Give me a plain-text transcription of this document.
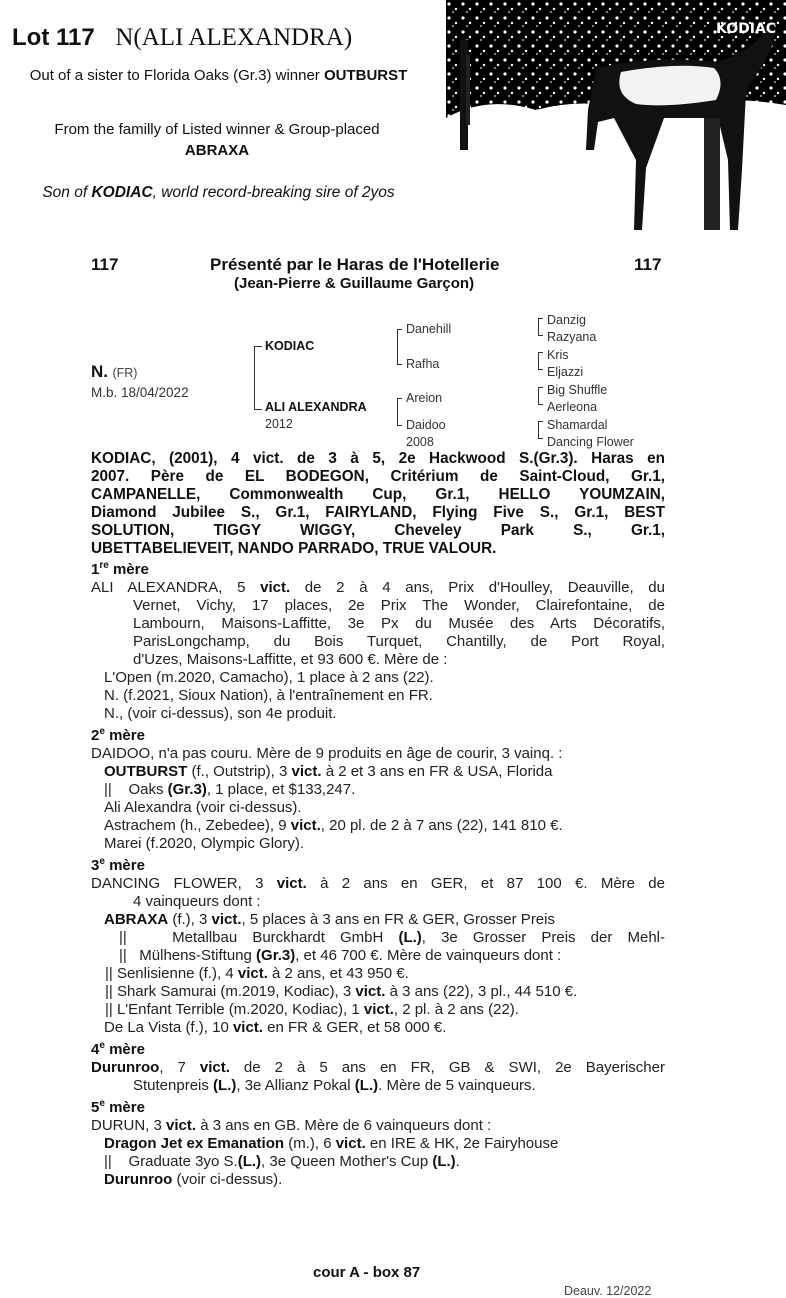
Lot 117 N(ALI ALEXANDRA)
Out of a sister to Florida Oaks (Gr.3) winner OUTBURST
From the familly of Listed winner & Group-placed
ABRAXA
Son of KODIAC, world record-breaking sire of 2yos
KODIAC
117	Présenté par le Haras de l'Hotellerie	117
(Jean-Pierre & Guillaume Garçon)
N. (FR)
M.b. 18/04/2022
KODIAC
ALI ALEXANDRA
2012
Danehill
Rafha
Areion
Daidoo
2008
Danzig
Razyana
Kris
Eljazzi
Big Shuffle
Aerleona
Shamardal
Dancing Flower
KODIAC, (2001), 4 vict. de 3 à 5, 2e Hackwood S.(Gr.3). Haras en
2007. Père de EL BODEGON, Critérium de Saint-Cloud, Gr.1,
CAMPANELLE, Commonwealth Cup, Gr.1, HELLO YOUMZAIN,
Diamond Jubilee S., Gr.1, FAIRYLAND, Flying Five S., Gr.1, BEST
SOLUTION, TIGGY WIGGY, Cheveley Park S., Gr.1,
UBETTABELIEVEIT, NANDO PARRADO, TRUE VALOUR.
1re mère
ALI ALEXANDRA, 5 vict. de 2 à 4 ans, Prix d'Houlley, Deauville, du
Vernet, Vichy, 17 places, 2e Prix The Wonder, Clairefontaine, de
Lambourn, Maisons-Laffitte, 3e Px du Musée des Arts Décoratifs,
ParisLongchamp, du Bois Turquet, Chantilly, de Port Royal,
d'Uzes, Maisons-Laffitte, et 93 600 €. Mère de :
L'Open (m.2020, Camacho), 1 place à 2 ans (22).
N. (f.2021, Sioux Nation), à l'entraînement en FR.
N., (voir ci-dessus), son 4e produit.
2e mère
DAIDOO, n'a pas couru. Mère de 9 produits en âge de courir, 3 vainq. :
OUTBURST (f., Outstrip), 3 vict. à 2 et 3 ans en FR & USA, Florida
||    Oaks (Gr.3), 1 place, et $133,247.
Ali Alexandra (voir ci-dessus).
Astrachem (h., Zebedee), 9 vict., 20 pl. de 2 à 7 ans (22), 141 810 €.
Marei (f.2020, Olympic Glory).
3e mère
DANCING FLOWER, 3 vict. à 2 ans en GER, et 87 100 €. Mère de
4 vainqueurs dont :
ABRAXA (f.), 3 vict., 5 places à 3 ans en FR & GER, Grosser Preis
||   Metallbau Burckhardt GmbH (L.), 3e Grosser Preis der Mehl-
||   Mülhens-Stiftung (Gr.3), et 46 700 €. Mère de vainqueurs dont :
|| Senlisienne (f.), 4 vict. à 2 ans, et 43 950 €.
|| Shark Samurai (m.2019, Kodiac), 3 vict. à 3 ans (22), 3 pl., 44 510 €.
|| L'Enfant Terrible (m.2020, Kodiac), 1 vict., 2 pl. à 2 ans (22).
De La Vista (f.), 10 vict. en FR & GER, et 58 000 €.
4e mère
Durunroo, 7 vict. de 2 à 5 ans en FR, GB & SWI, 2e Bayerischer
Stutenpreis (L.), 3e Allianz Pokal (L.). Mère de 5 vainqueurs.
5e mère
DURUN, 3 vict. à 3 ans en GB. Mère de 6 vainqueurs dont :
Dragon Jet ex Emanation (m.), 6 vict. en IRE & HK, 2e Fairyhouse
||    Graduate 3yo S.(L.), 3e Queen Mother's Cup (L.).
Durunroo (voir ci-dessus).
cour A - box 87
Deauv. 12/2022
